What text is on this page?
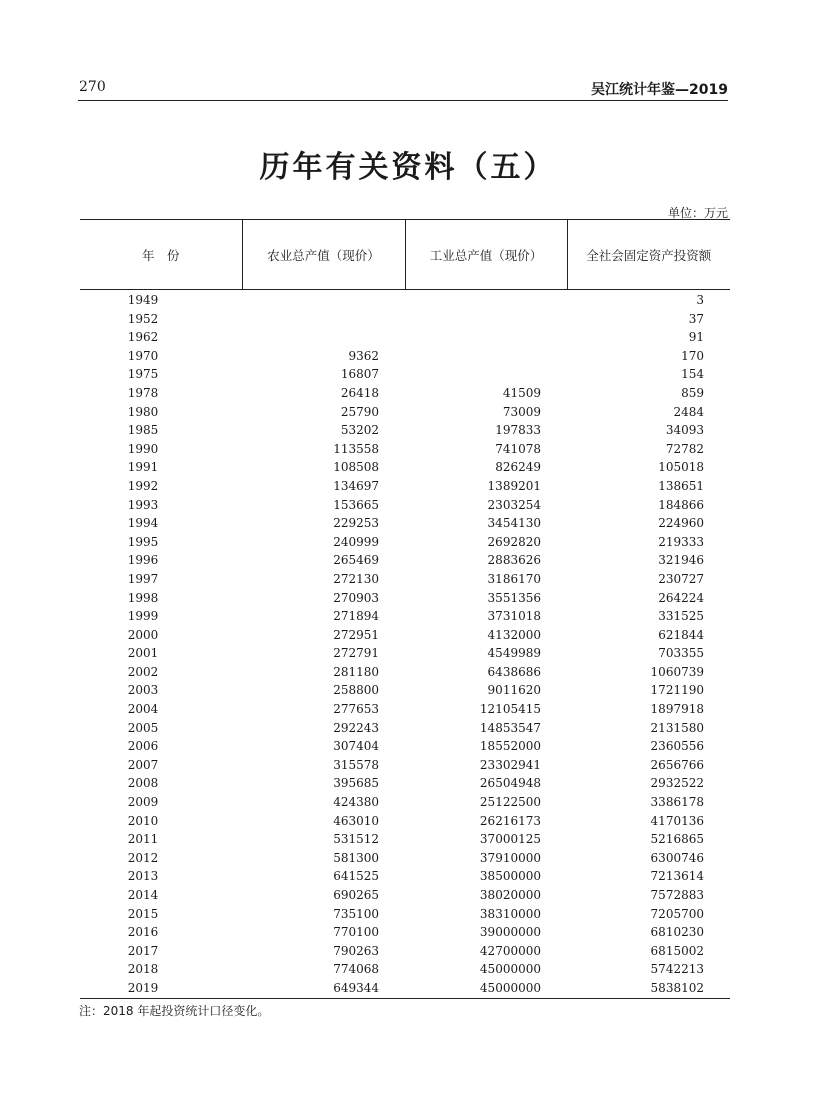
270	吴江统计年鉴—2019
历年有关资料（五）
单位：万元
年　份	农业总产值（现价）	工业总产值（现价）	全社会固定资产投资额

1949			3
1952			37
1962			91
1970	9362		170
1975	16807		154
1978	26418	41509	859
1980	25790	73009	2484
1985	53202	197833	34093
1990	113558	741078	72782
1991	108508	826249	105018
1992	134697	1389201	138651
1993	153665	2303254	184866
1994	229253	3454130	224960
1995	240999	2692820	219333
1996	265469	2883626	321946
1997	272130	3186170	230727
1998	270903	3551356	264224
1999	271894	3731018	331525
2000	272951	4132000	621844
2001	272791	4549989	703355
2002	281180	6438686	1060739
2003	258800	9011620	1721190
2004	277653	12105415	1897918
2005	292243	14853547	2131580
2006	307404	18552000	2360556
2007	315578	23302941	2656766
2008	395685	26504948	2932522
2009	424380	25122500	3386178
2010	463010	26216173	4170136
2011	531512	37000125	5216865
2012	581300	37910000	6300746
2013	641525	38500000	7213614
2014	690265	38020000	7572883
2015	735100	38310000	7205700
2016	770100	39000000	6810230
2017	790263	42700000	6815002
2018	774068	45000000	5742213
2019	649344	45000000	5838102
注：2018 年起投资统计口径变化。
